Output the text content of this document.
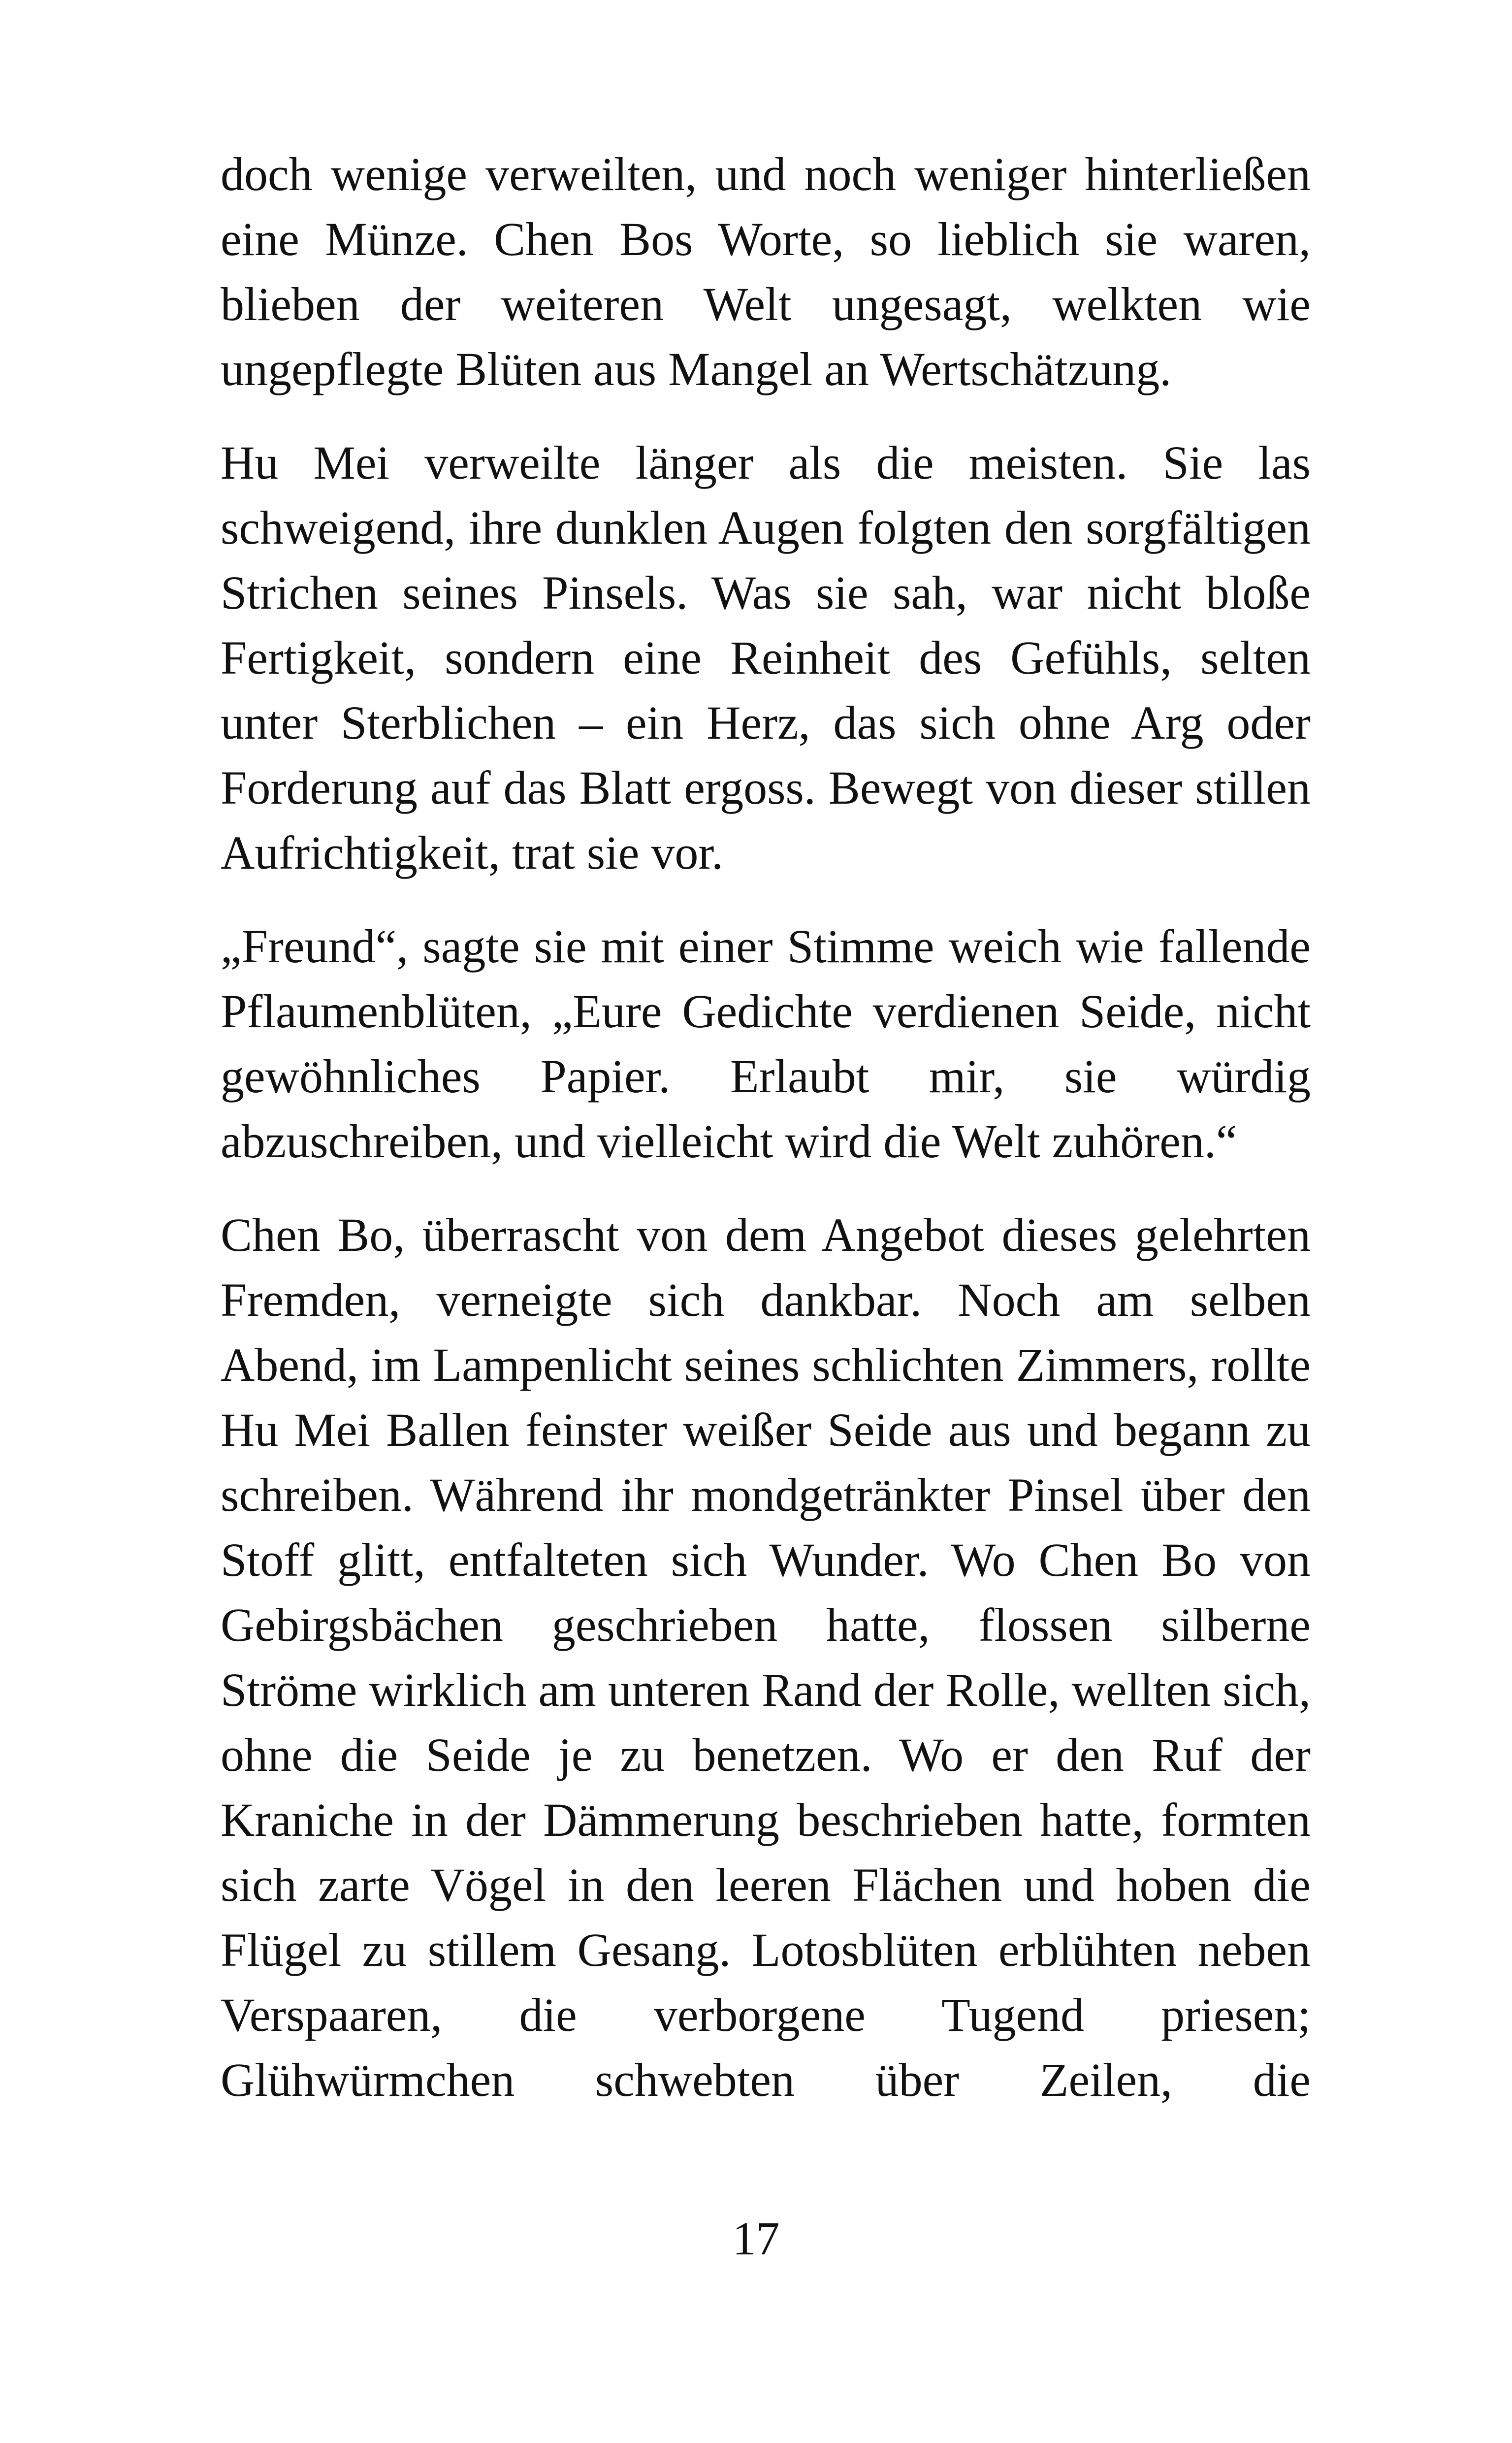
doch wenige verweilten, und noch weniger hinterließen
eine Münze. Chen Bos Worte, so lieblich sie waren,
blieben der weiteren Welt ungesagt, welkten wie
ungepflegte Blüten aus Mangel an Wertschätzung.
Hu Mei verweilte länger als die meisten. Sie las
schweigend, ihre dunklen Augen folgten den sorgfältigen
Strichen seines Pinsels. Was sie sah, war nicht bloße
Fertigkeit, sondern eine Reinheit des Gefühls, selten
unter Sterblichen – ein Herz, das sich ohne Arg oder
Forderung auf das Blatt ergoss. Bewegt von dieser stillen
Aufrichtigkeit, trat sie vor.
„Freund“, sagte sie mit einer Stimme weich wie fallende
Pflaumenblüten, „Eure Gedichte verdienen Seide, nicht
gewöhnliches Papier. Erlaubt mir, sie würdig
abzuschreiben, und vielleicht wird die Welt zuhören.“
Chen Bo, überrascht von dem Angebot dieses gelehrten
Fremden, verneigte sich dankbar. Noch am selben
Abend, im Lampenlicht seines schlichten Zimmers, rollte
Hu Mei Ballen feinster weißer Seide aus und begann zu
schreiben. Während ihr mondgetränkter Pinsel über den
Stoff glitt, entfalteten sich Wunder. Wo Chen Bo von
Gebirgsbächen geschrieben hatte, flossen silberne
Ströme wirklich am unteren Rand der Rolle, wellten sich,
ohne die Seide je zu benetzen. Wo er den Ruf der
Kraniche in der Dämmerung beschrieben hatte, formten
sich zarte Vögel in den leeren Flächen und hoben die
Flügel zu stillem Gesang. Lotosblüten erblühten neben
Verspaaren, die verborgene Tugend priesen;
Glühwürmchen schwebten über Zeilen, die
17
